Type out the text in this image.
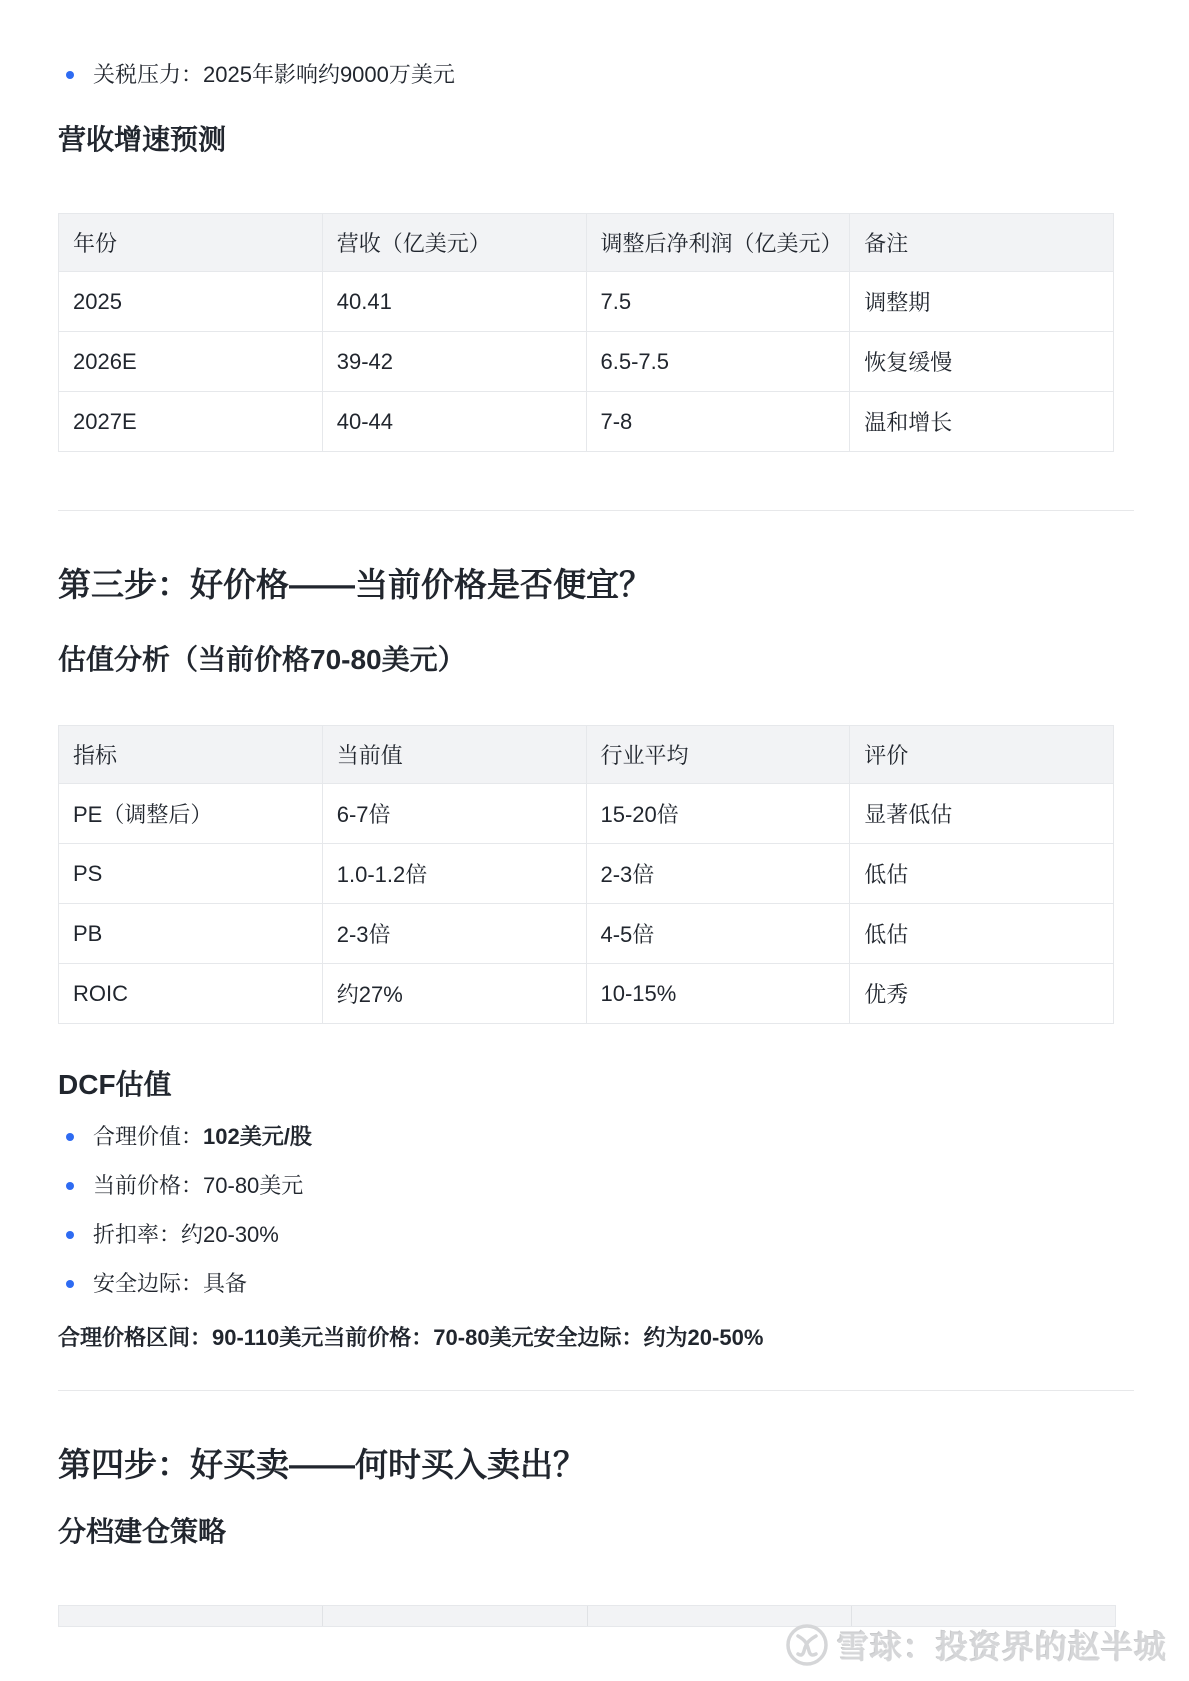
关税压力：2025年影响约9000万美元
营收增速预测
年份	营收（亿美元）	调整后净利润（亿美元）	备注
2025	40.41	7.5	调整期
2026E	39-42	6.5-7.5	恢复缓慢
2027E	40-44	7-8	温和增长
第三步：好价格——当前价格是否便宜？
估值分析（当前价格70-80美元）
指标	当前值	行业平均	评价
PE（调整后）	6-7倍	15-20倍	显著低估
PS	1.0-1.2倍	2-3倍	低估
PB	2-3倍	4-5倍	低估
ROIC	约27%	10-15%	优秀
DCF估值
合理价值： 102美元/股
当前价格： 70-80美元
折扣率： 约20-30%
安全边际： 具备
合理价格区间：90-110美元当前价格：70-80美元安全边际：约为20-50%
第四步：好买卖——何时买入卖出？
分档建仓策略
雪球：投资界的赵半城
